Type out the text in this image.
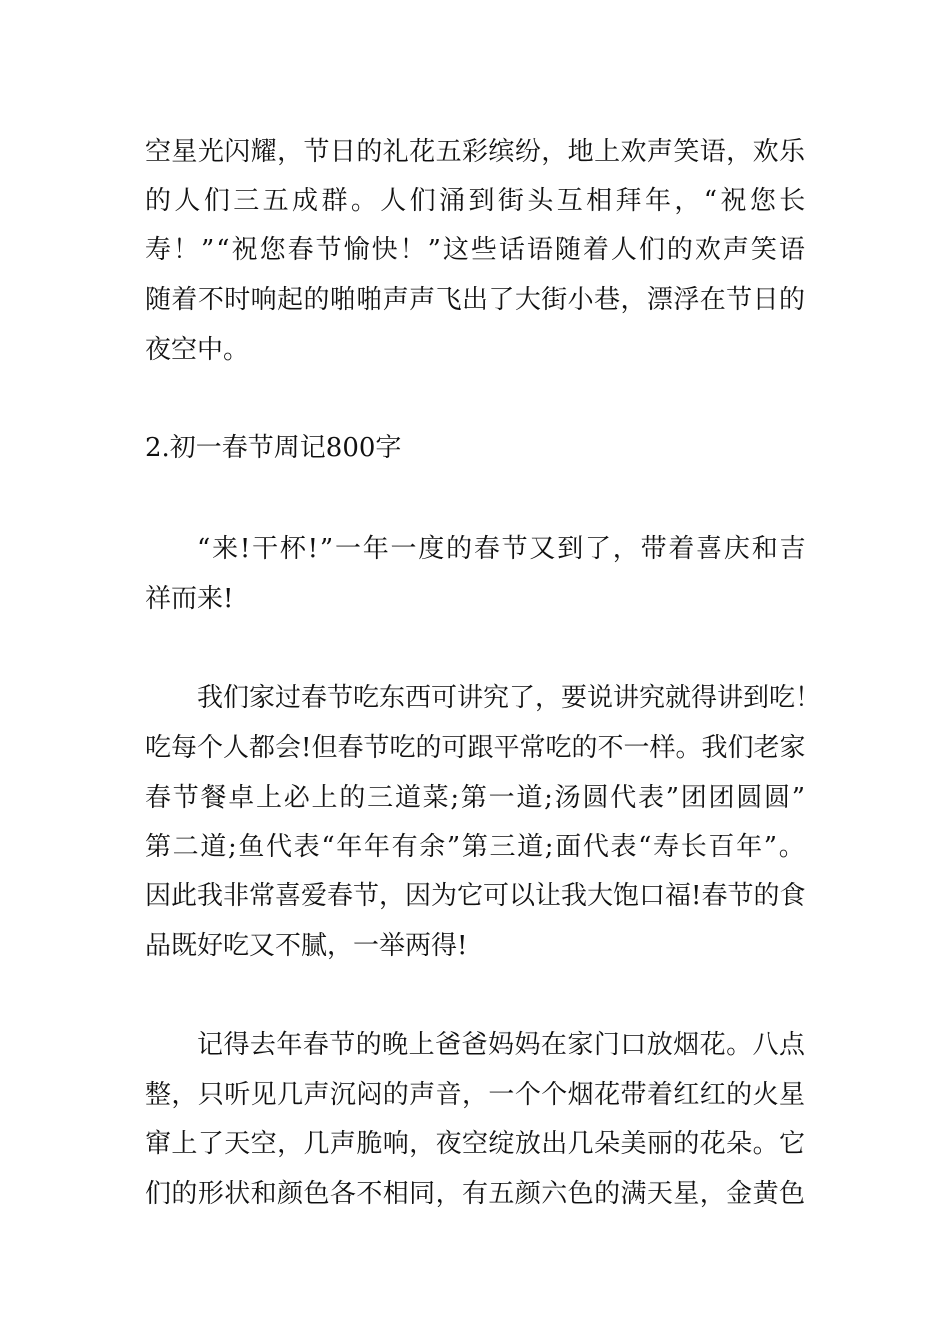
空星光闪耀，节日的礼花五彩缤纷，地上欢声笑语，欢乐
的人们三五成群。人们涌到街头互相拜年，“祝您长
寿！”“祝您春节愉快！”这些话语随着人们的欢声笑语
随着不时响起的啪啪声声飞出了大街小巷，漂浮在节日的
夜空中。
2.初一春节周记800字
“来!干杯!”一年一度的春节又到了，带着喜庆和吉
祥而来!
我们家过春节吃东西可讲究了，要说讲究就得讲到吃！
吃每个人都会!但春节吃的可跟平常吃的不一样。我们老家
春节餐卓上必上的三道菜;第一道;汤圆代表”团团圆圆”
第二道;鱼代表“年年有余”第三道;面代表“寿长百年”。
因此我非常喜爱春节，因为它可以让我大饱口福!春节的食
品既好吃又不腻，一举两得!
记得去年春节的晚上爸爸妈妈在家门口放烟花。八点
整，只听见几声沉闷的声音，一个个烟花带着红红的火星
窜上了天空，几声脆响，夜空绽放出几朵美丽的花朵。它
们的形状和颜色各不相同，有五颜六色的满天星，金黄色
